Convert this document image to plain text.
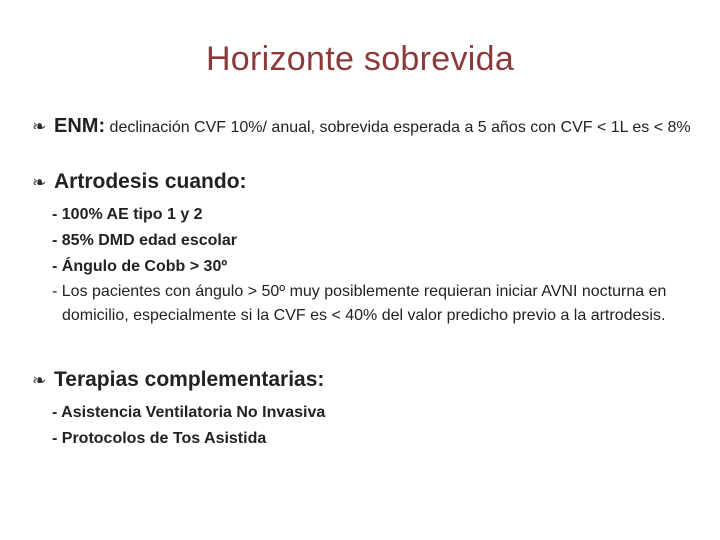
Horizonte sobrevida
❧ ENM: declinación CVF 10%/ anual, sobrevida esperada a 5 años con CVF < 1L es < 8%
❧ Artrodesis cuando:
- 100% AE tipo 1 y 2
- 85% DMD edad escolar
- Ángulo de Cobb > 30º
- Los pacientes con ángulo > 50º muy posiblemente requieran iniciar AVNI nocturna en domicilio, especialmente si la CVF es < 40% del valor predicho previo a la artrodesis.
❧ Terapias complementarias:
- Asistencia Ventilatoria No Invasiva
- Protocolos de Tos Asistida
